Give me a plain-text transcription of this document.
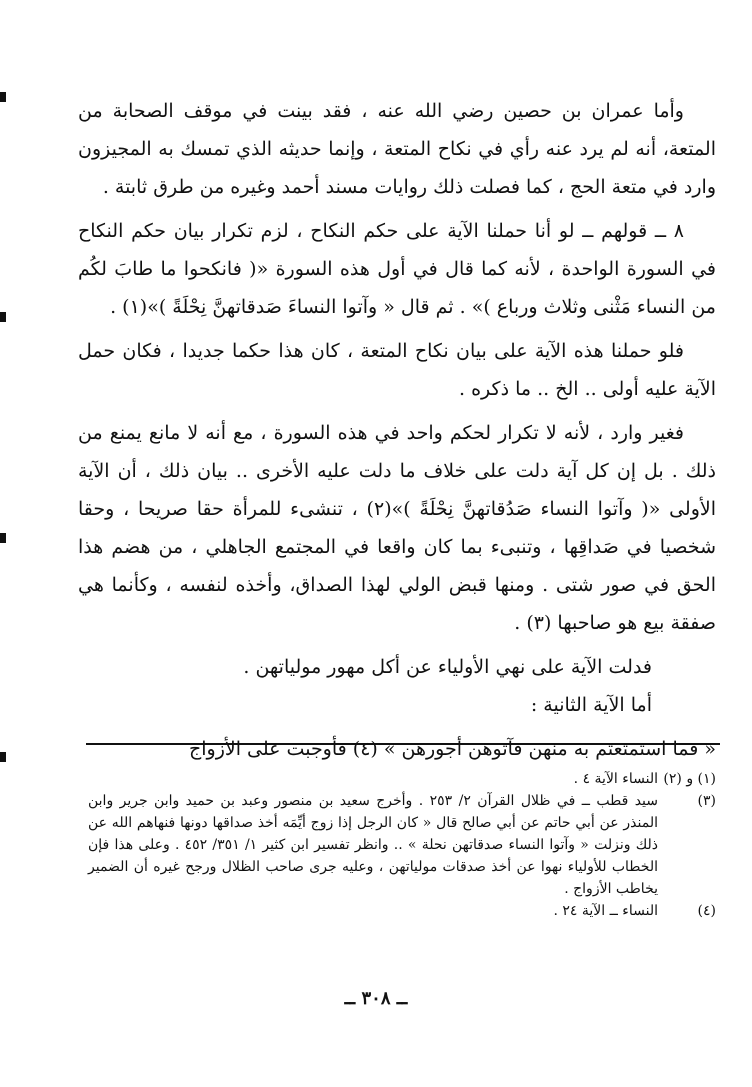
وأما عمران بن حصين رضي الله عنه ، فقد بينت في موقف الصحابة من المتعة، أنه لم يرد عنه رأي في نكاح المتعة ، وإنما حديثه الذي تمسك به المجيزون وارد في متعة الحج ، كما فصلت ذلك روايات مسند أحمد وغيره من طرق ثابتة .

٨ ــ قولهم ــ لو أنا حملنا الآية على حكم النكاح ، لزم تكرار بيان حكم النكاح في السورة الواحدة ، لأنه كما قال في أول هذه السورة «( فانكحوا ما طابَ لكُم من النساء مَثْنى وثلاث ورباع )» . ثم قال « وآتوا النساءَ صَدقاتهنَّ نِحْلَةً )»(١) .

فلو حملنا هذه الآية على بيان نكاح المتعة ، كان هذا حكما جديدا ، فكان حمل الآية عليه أولى .. الخ .. ما ذكره .

فغير وارد ، لأنه لا تكرار لحكم واحد في هذه السورة ، مع أنه لا مانع يمنع من ذلك . بل إن كل آية دلت على خلاف ما دلت عليه الأخرى .. بيان ذلك ، أن الآية الأولى «( وآتوا النساء صَدُقاتهنَّ نِحْلَةً )»(٢) ، تنشىء للمرأة حقا صريحا ، وحقا شخصيا في صَداقِها ، وتنبىء بما كان واقعا في المجتمع الجاهلي ، من هضم هذا الحق في صور شتى . ومنها قبض الولي لهذا الصداق، وأخذه لنفسه ، وكأنما هي صفقة بيع هو صاحبها (٣) .

فدلت الآية على نهي الأولياء عن أكل مهور مولياتهن .

أما الآية الثانية :

« فما استمتعتم به منهن فآتوهن أجورهن » (٤) فأوجبت على الأزواج

(١) و (٢)
النساء الآية ٤ .
(٣)
سيد قطب ــ في ظلال القرآن ٢/ ٢٥٣ . وأخرج سعيد بن منصور وعبد بن حميد وابن جرير وابن المنذر عن أبي حاتم عن أبي صالح قال « كان الرجل إذا زوج أيِّمَه أخذ صداقها دونها فنهاهم الله عن ذلك ونزلت « وآتوا النساء صدقاتهن نحلة » .. وانظر تفسير ابن كثير ١/ ٣٥١/ ٤٥٢ . وعلى هذا فإن الخطاب للأولياء نهوا عن أخذ صدقات مولياتهن ، وعليه جرى صاحب الظلال ورجح غيره أن الضمير يخاطب الأزواج .
(٤)
النساء ــ الآية ٢٤ .
ــ ٣٠٨ ــ
